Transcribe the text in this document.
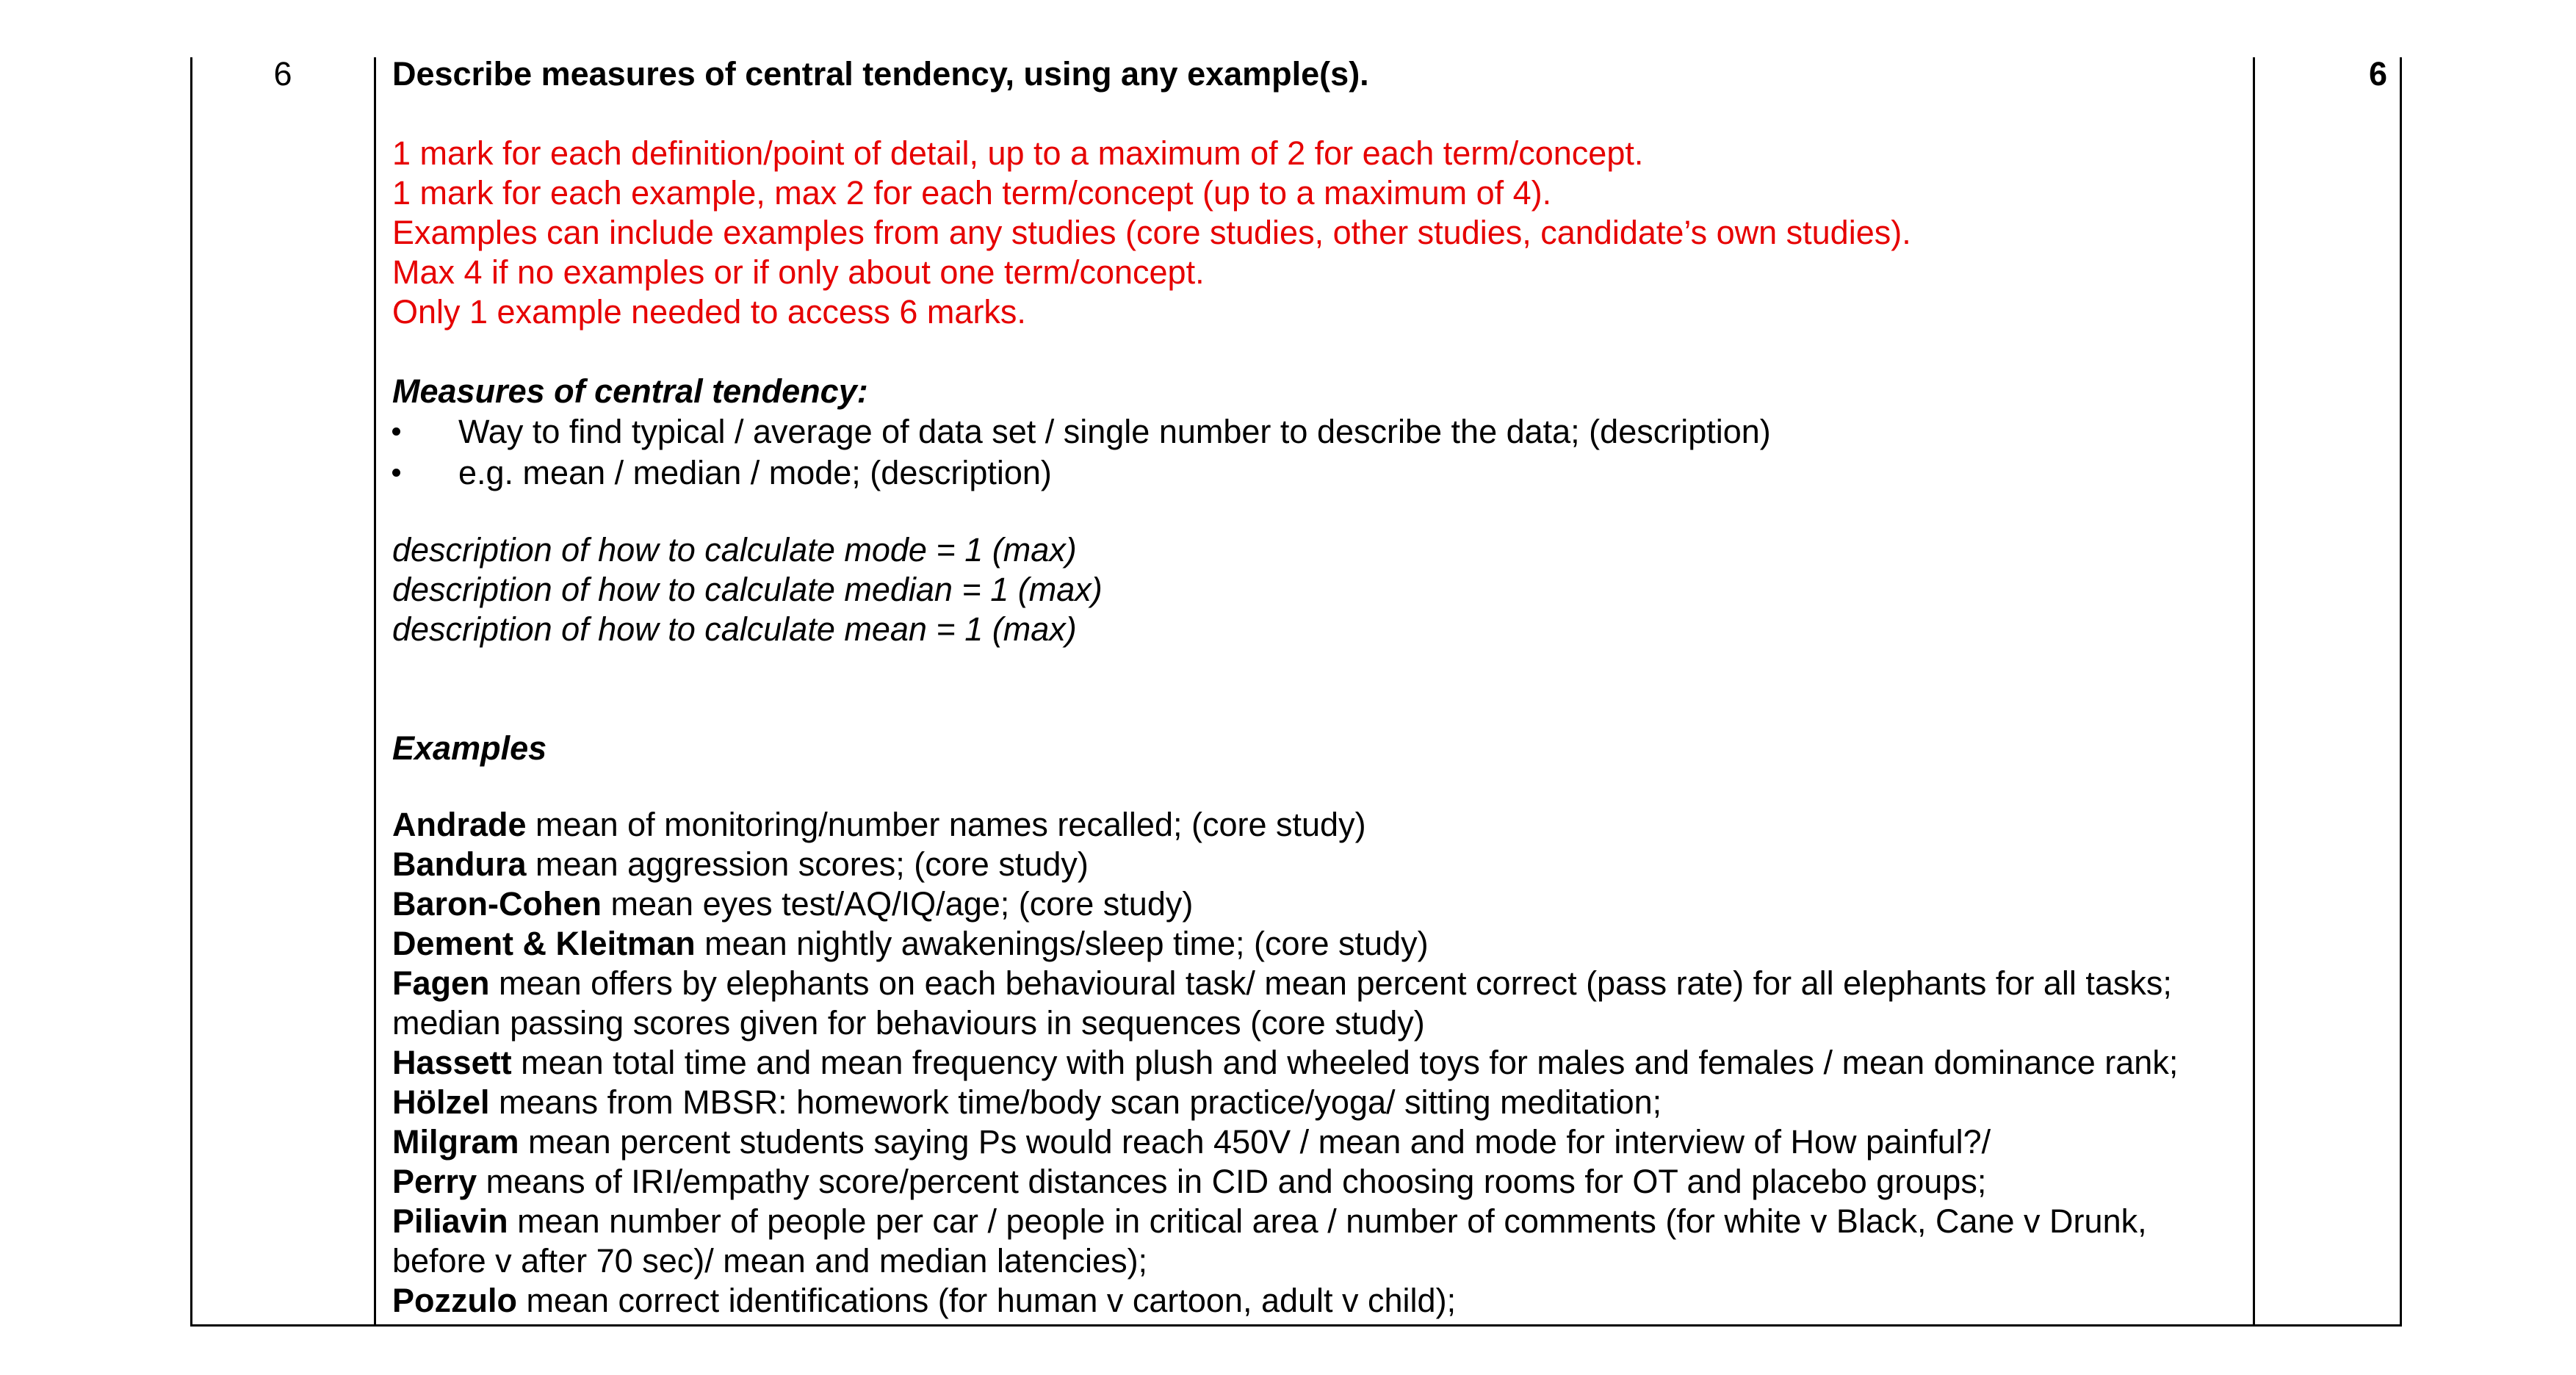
6	6
Describe measures of central tendency, using any example(s).
1 mark for each definition/point of detail, up to a maximum of 2 for each term/concept.
1 mark for each example, max 2 for each term/concept (up to a maximum of 4).
Examples can include examples from any studies (core studies, other studies, candidate’s own studies).
Max 4 if no examples or if only about one term/concept.
Only 1 example needed to access 6 marks.
Measures of central tendency:
Way to find typical / average of data set / single number to describe the data; (description)
e.g. mean / median / mode; (description)
description of how to calculate mode = 1 (max)
description of how to calculate median = 1 (max)
description of how to calculate mean = 1 (max)
Examples
Andrade mean of monitoring/number names recalled; (core study)
Bandura mean aggression scores; (core study)
Baron-Cohen mean eyes test/AQ/IQ/age; (core study)
Dement & Kleitman mean nightly awakenings/sleep time; (core study)
Fagen mean offers by elephants on each behavioural task/ mean percent correct (pass rate) for all elephants for all tasks;
median passing scores given for behaviours in sequences (core study)
Hassett mean total time and mean frequency with plush and wheeled toys for males and females / mean dominance rank;
Hölzel means from MBSR: homework time/body scan practice/yoga/ sitting meditation;
Milgram mean percent students saying Ps would reach 450V / mean and mode for interview of How painful?/
Perry means of IRI/empathy score/percent distances in CID and choosing rooms for OT and placebo groups;
Piliavin mean number of people per car / people in critical area / number of comments (for white v Black, Cane v Drunk,
before v after 70 sec)/ mean and median latencies);
Pozzulo mean correct identifications (for human v cartoon, adult v child);
